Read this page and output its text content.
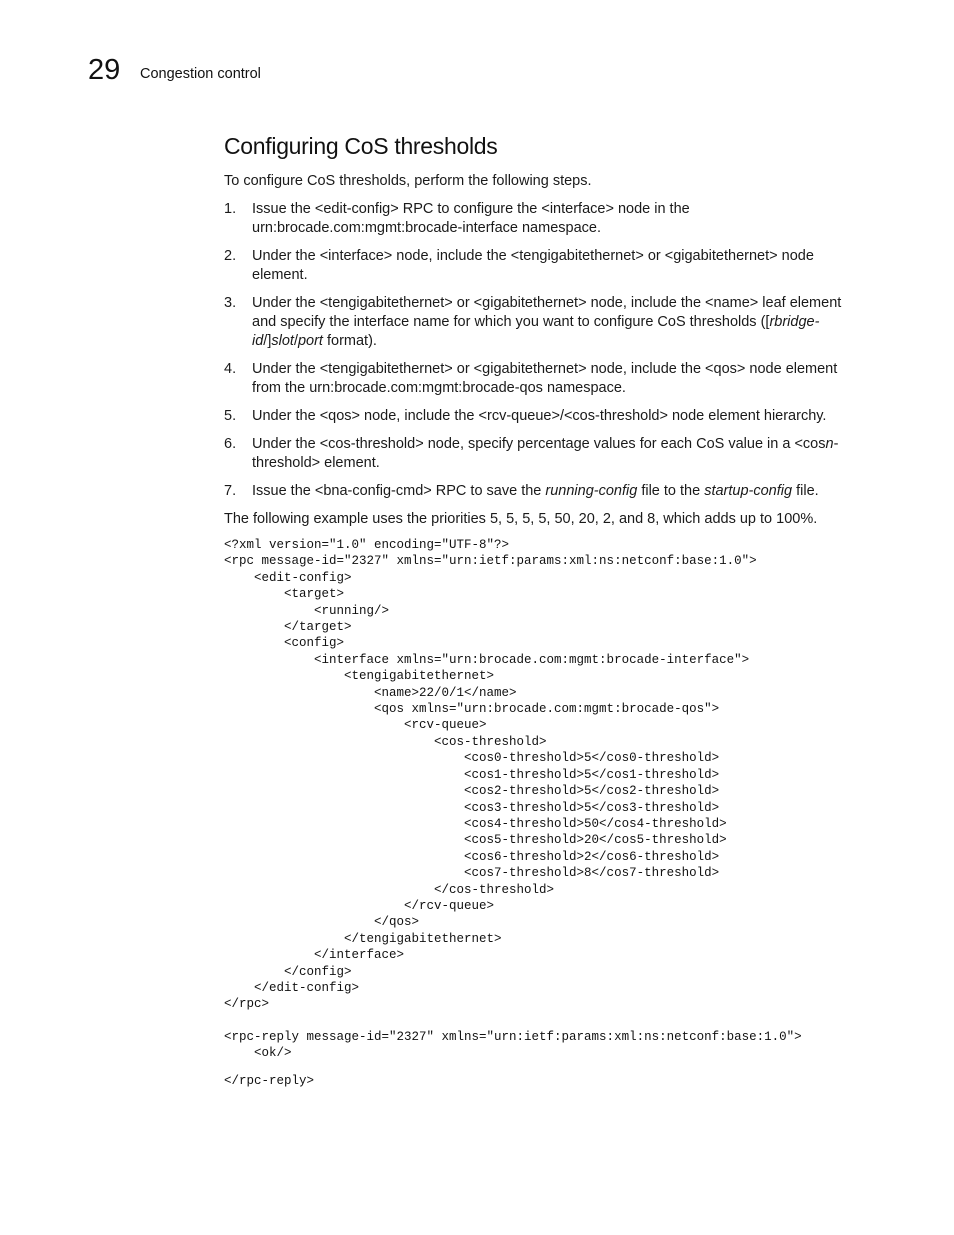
29 Congestion control
Configuring CoS thresholds

To configure CoS thresholds, perform the following steps.

1. Issue the <edit-config> RPC to configure the <interface> node in the urn:brocade.com:mgmt:brocade-interface namespace.
2. Under the <interface> node, include the <tengigabitethernet> or <gigabitethernet> node element.
3. Under the <tengigabitethernet> or <gigabitethernet> node, include the <name> leaf element and specify the interface name for which you want to configure CoS thresholds ([rbridge-id/]slot/port format).
4. Under the <tengigabitethernet> or <gigabitethernet> node, include the <qos> node element from the urn:brocade.com:mgmt:brocade-qos namespace.
5. Under the <qos> node, include the <rcv-queue>/<cos-threshold> node element hierarchy.
6. Under the <cos-threshold> node, specify percentage values for each CoS value in a <cosn-threshold> element.
7. Issue the <bna-config-cmd> RPC to save the running-config file to the startup-config file.

The following example uses the priorities 5, 5, 5, 5, 50, 20, 2, and 8, which adds up to 100%.

<?xml version="1.0" encoding="UTF-8"?>
<rpc message-id="2327" xmlns="urn:ietf:params:xml:ns:netconf:base:1.0">
<edit-config>
<target>
<running/>
</target>
<config>
<interface xmlns="urn:brocade.com:mgmt:brocade-interface">
<tengigabitethernet>
<name>22/0/1</name>
<qos xmlns="urn:brocade.com:mgmt:brocade-qos">
<rcv-queue>
<cos-threshold>
<cos0-threshold>5</cos0-threshold>
<cos1-threshold>5</cos1-threshold>
<cos2-threshold>5</cos2-threshold>
<cos3-threshold>5</cos3-threshold>
<cos4-threshold>50</cos4-threshold>
<cos5-threshold>20</cos5-threshold>
<cos6-threshold>2</cos6-threshold>
<cos7-threshold>8</cos7-threshold>
</cos-threshold>
</rcv-queue>
</qos>
</tengigabitethernet>
</interface>
</config>
</edit-config>
</rpc>
<rpc-reply message-id="2327" xmlns="urn:ietf:params:xml:ns:netconf:base:1.0">
<ok/>
</rpc-reply>
